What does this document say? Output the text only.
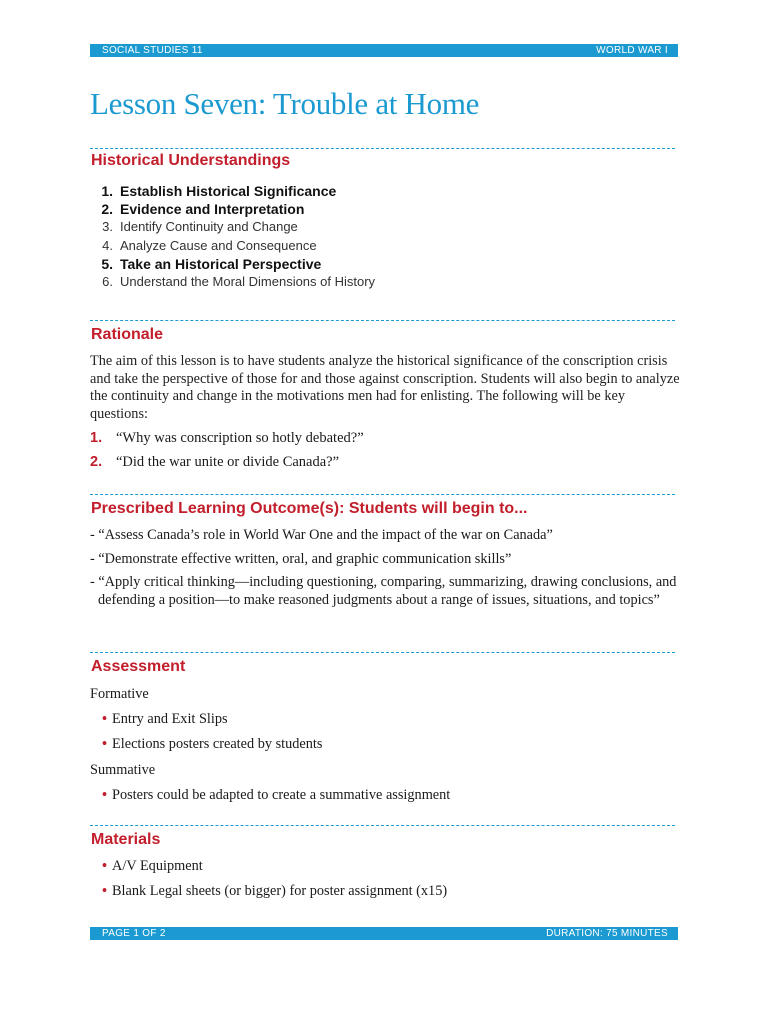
SOCIAL STUDIES 11	WORLD WAR I
Lesson Seven: Trouble at Home
Historical Understandings
1. Establish Historical Significance
2. Evidence and Interpretation
3. Identify Continuity and Change
4. Analyze Cause and Consequence
5. Take an Historical Perspective
6. Understand the Moral Dimensions of History
Rationale
The aim of this lesson is to have students analyze the historical significance of the conscription crisis and take the perspective of those for and those against conscription. Students will also begin to analyze the continuity and change in the motivations men had for enlisting. The following will be key questions:
1. “Why was conscription so hotly debated?”
2. “Did the war unite or divide Canada?”
Prescribed Learning Outcome(s): Students will begin to...
- “Assess Canada’s role in World War One and the impact of the war on Canada”
- “Demonstrate effective written, oral, and graphic communication skills”
- “Apply critical thinking—including questioning, comparing, summarizing, drawing conclusions, and defending a position—to make reasoned judgments about a range of issues, situations, and topics”
Assessment
Formative
• Entry and Exit Slips
• Elections posters created by students
Summative
• Posters could be adapted to create a summative assignment
Materials
• A/V Equipment
• Blank Legal sheets (or bigger) for poster assignment (x15)
PAGE 1 OF 2	DURATION: 75 MINUTES
